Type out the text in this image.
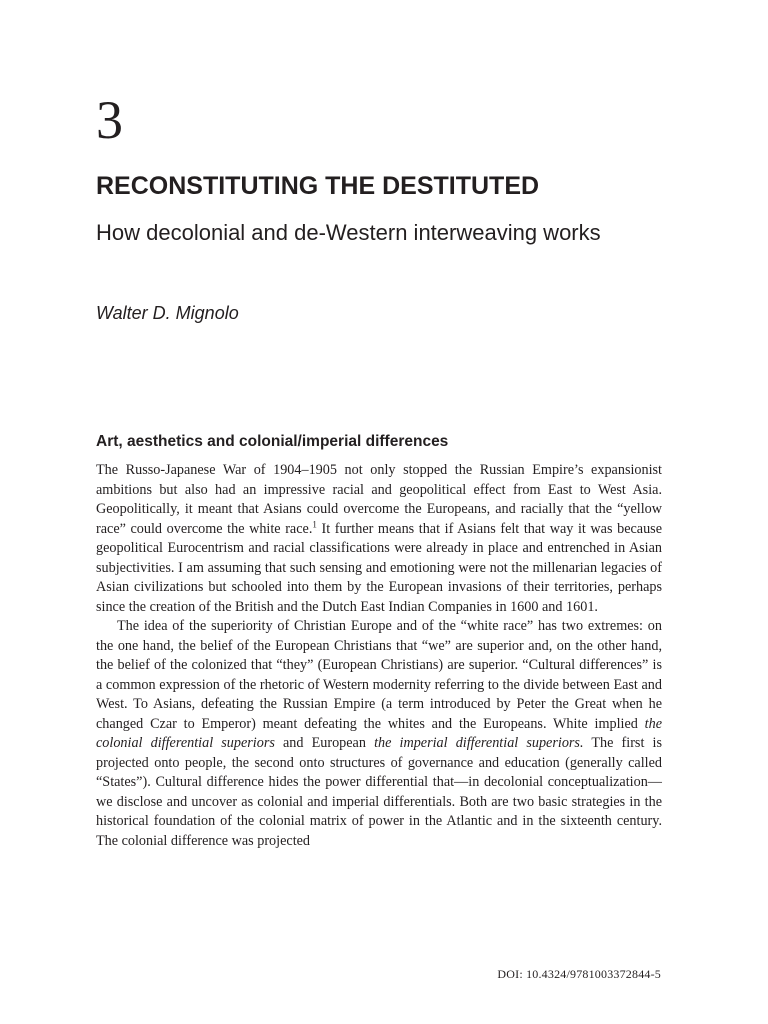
3
RECONSTITUTING THE DESTITUTED
How decolonial and de-Western interweaving works
Walter D. Mignolo
Art, aesthetics and colonial/imperial differences

The Russo-Japanese War of 1904–1905 not only stopped the Russian Empire’s expansionist ambitions but also had an impressive racial and geopolitical effect from East to West Asia. Geopolitically, it meant that Asians could overcome the Europeans, and racially that the “yellow race” could overcome the white race.$^1$ It further means that if Asians felt that way it was because geopolitical Eurocentrism and racial classifications were already in place and entrenched in Asian subjectivities. I am assuming that such sensing and emotioning were not the millenarian legacies of Asian civilizations but schooled into them by the European invasions of their territories, perhaps since the creation of the British and the Dutch East Indian Companies in 1600 and 1601.

The idea of the superiority of Christian Europe and of the “white race” has two extremes: on the one hand, the belief of the European Christians that “we” are superior and, on the other hand, the belief of the colonized that “they” (European Christians) are superior. “Cultural differences” is a common expression of the rhetoric of Western modernity referring to the divide between East and West. To Asians, defeating the Russian Empire (a term introduced by Peter the Great when he changed Czar to Emperor) meant defeating the whites and the Europeans. White implied the colonial differential superiors and European the imperial differential superiors. The first is projected onto people, the second onto structures of governance and education (generally called “States”). Cultural difference hides the power differential that—in decolonial conceptualization—we disclose and uncover as colonial and imperial differentials. Both are two basic strategies in the historical foundation of the colonial matrix of power in the Atlantic and in the sixteenth century. The colonial difference was projected

DOI: 10.4324/9781003372844-5
